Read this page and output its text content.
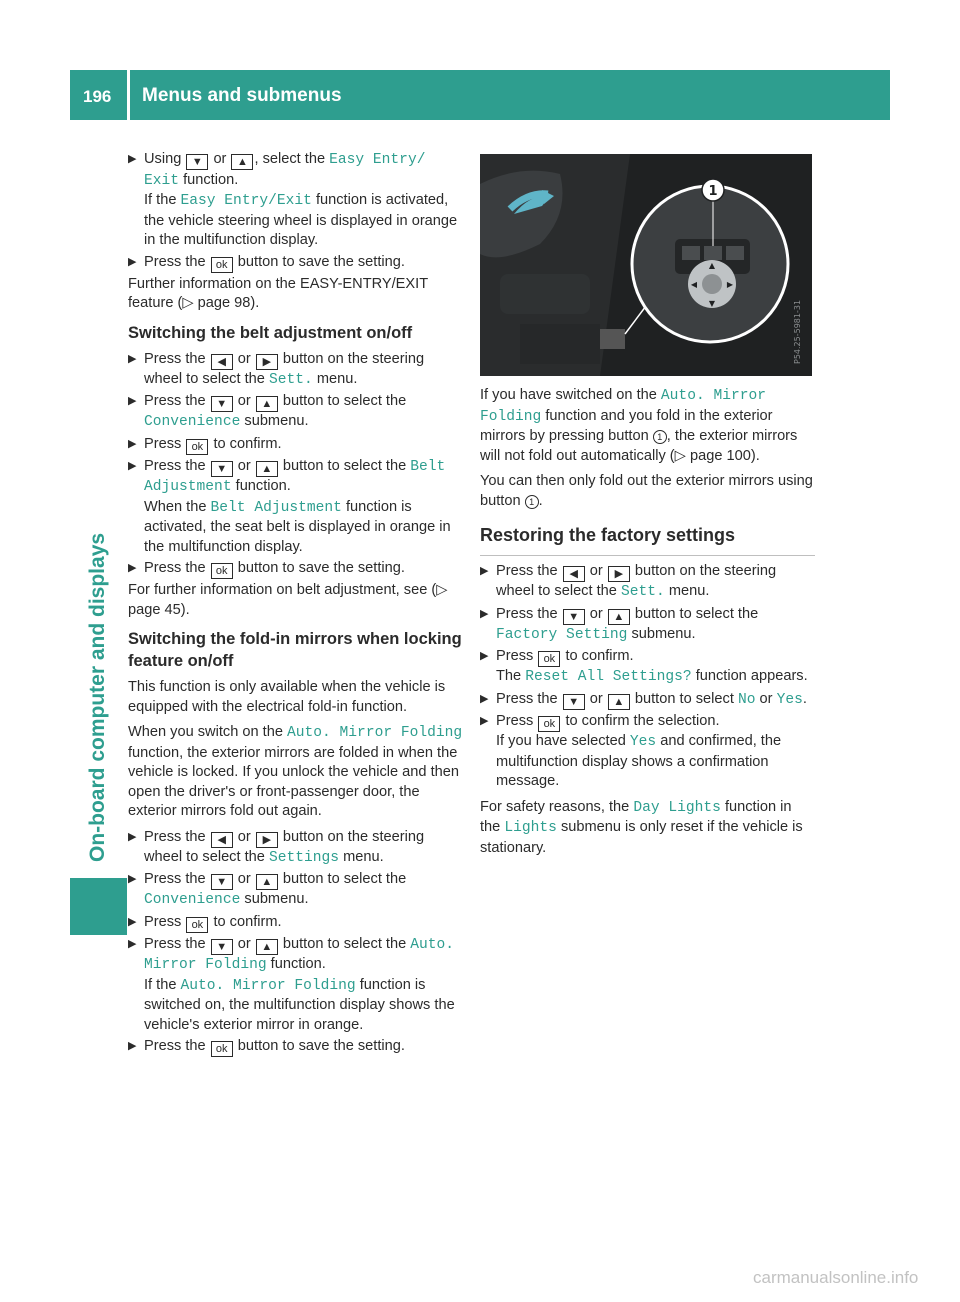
196 Menus and submenus
On-board computer and displays
▶ Using ▼ or ▲ , select the Easy Entry/ Exit function.
If the Easy Entry/Exit function is activated, the vehicle steering wheel is displayed in orange in the multifunction display.
▶ Press the ok button to save the setting.

Further information on the EASY-ENTRY/EXIT feature (▷ page 98).

Switching the belt adjustment on/off
▶ Press the ◀ or ▶ button on the steering wheel to select the Sett. menu.
▶ Press the ▼ or ▲ button to select the Convenience submenu.
▶ Press ok to confirm.
▶ Press the ▼ or ▲ button to select the Belt Adjustment function.
When the Belt Adjustment function is activated, the seat belt is displayed in orange in the multifunction display.
▶ Press the ok button to save the setting.

For further information on belt adjustment, see (▷ page 45).

Switching the fold-in mirrors when locking feature on/off

This function is only available when the vehicle is equipped with the electrical fold-in function.

When you switch on the Auto. Mirror Folding function, the exterior mirrors are folded in when the vehicle is locked. If you unlock the vehicle and then open the driver's or front-passenger door, the exterior mirrors fold out again.

▶ Press the ◀ or ▶ button on the steering wheel to select the Settings menu.
▶ Press the ▼ or ▲ button to select the Convenience submenu.
▶ Press ok to confirm.
▶ Press the ▼ or ▲ button to select the Auto. Mirror Folding function.
If the Auto. Mirror Folding function is switched on, the multifunction display shows the vehicle's exterior mirror in orange.
▶ Press the ok button to save the setting.
▲
▼
◀	▶
1
P54.25-5981-31

If you have switched on the Auto. Mirror Folding function and you fold in the exterior mirrors by pressing button 1 , the exterior mirrors will not fold out automatically (▷ page 100).

You can then only fold out the exterior mirrors using button 1 .

Restoring the factory settings
▶ Press the ◀ or ▶ button on the steering wheel to select the Sett. menu.
▶ Press the ▼ or ▲ button to select the Factory Setting submenu.
▶ Press ok to confirm.
The Reset All Settings? function appears.
▶ Press the ▼ or ▲ button to select No or Yes.
▶ Press ok to confirm the selection.
If you have selected Yes and confirmed, the multifunction display shows a confirmation message.

For safety reasons, the Day Lights function in the Lights submenu is only reset if the vehicle is stationary.

carmanualsonline.info
